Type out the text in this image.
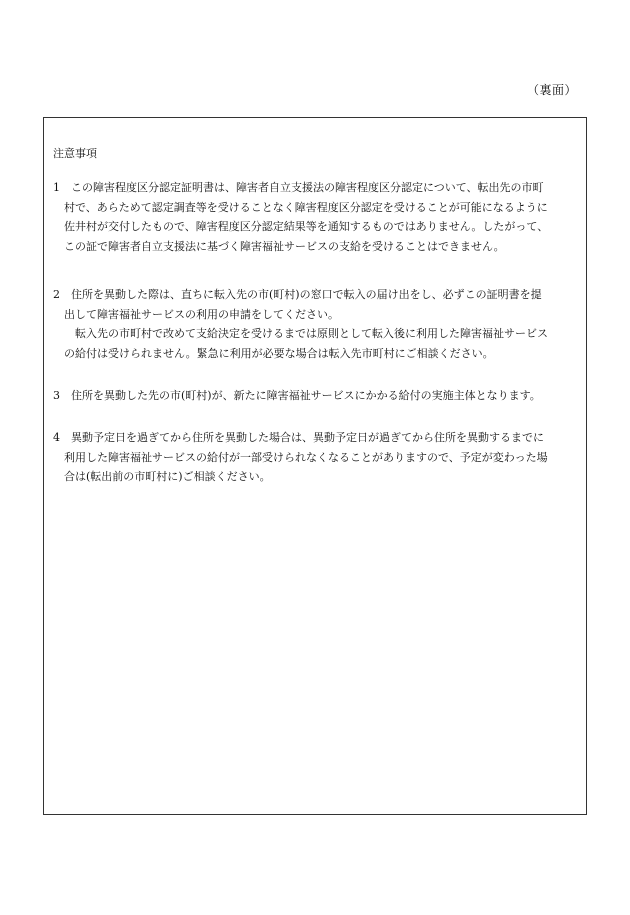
（裏面）
注意事項
1　この障害程度区分認定証明書は、障害者自立支援法の障害程度区分認定について、転出先の市町
　村で、あらためて認定調査等を受けることなく障害程度区分認定を受けることが可能になるように
　佐井村が交付したもので、障害程度区分認定結果等を通知するものではありません。したがって、
　この証で障害者自立支援法に基づく障害福祉サービスの支給を受けることはできません。
2　住所を異動した際は、直ちに転入先の市(町村)の窓口で転入の届け出をし、必ずこの証明書を提
　出して障害福祉サービスの利用の申請をしてください。
　　転入先の市町村で改めて支給決定を受けるまでは原則として転入後に利用した障害福祉サービス
　の給付は受けられません。緊急に利用が必要な場合は転入先市町村にご相談ください。
3　住所を異動した先の市(町村)が、新たに障害福祉サービスにかかる給付の実施主体となります。
4　異動予定日を過ぎてから住所を異動した場合は、異動予定日が過ぎてから住所を異動するまでに
　利用した障害福祉サービスの給付が一部受けられなくなることがありますので、予定が変わった場
　合は(転出前の市町村に)ご相談ください。
